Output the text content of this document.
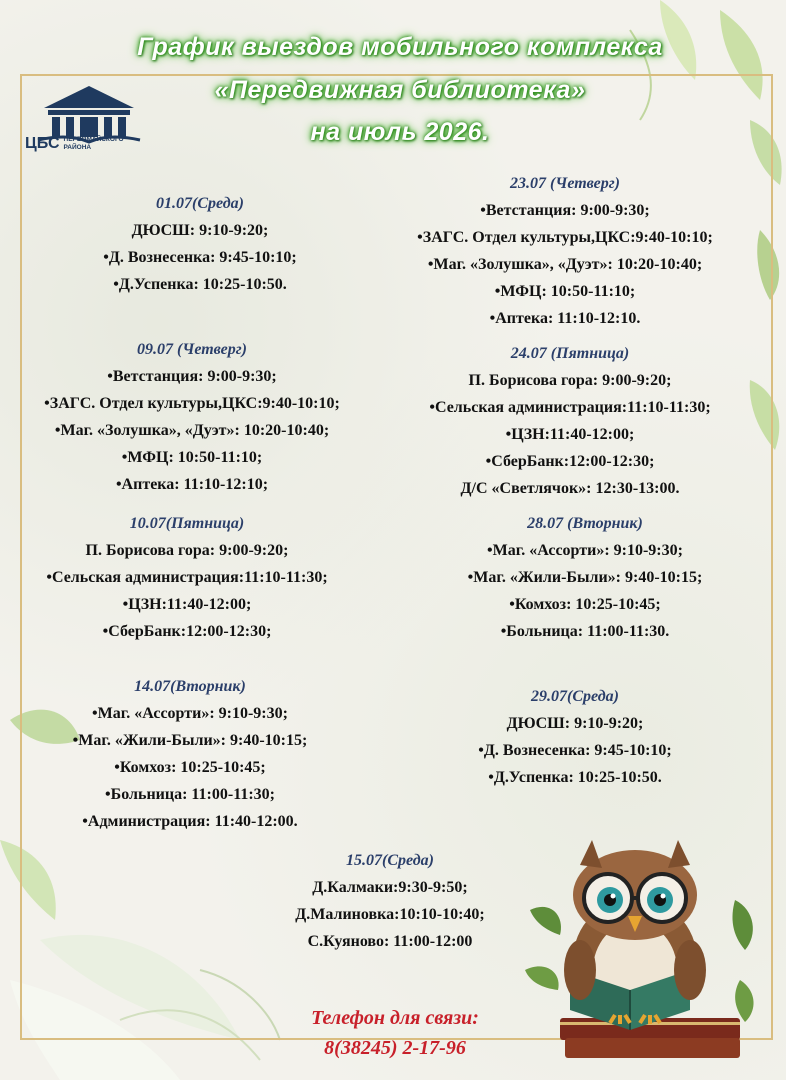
График выездов мобильного комплекса
«Передвижная библиотека»
на июль 2026.
ЦБС ПЕРВОМАЙСКОГО
РАЙОНА
01.07(Среда)
ДЮСШ: 9:10-9:20;
•Д. Вознесенка: 9:45-10:10;
•Д.Успенка: 10:25-10:50.
09.07 (Четверг)
•Ветстанция: 9:00-9:30;
•ЗАГС. Отдел культуры,ЦКС:9:40-10:10;
•Маг. «Золушка», «Дуэт»: 10:20-10:40;
•МФЦ: 10:50-11:10;
•Аптека: 11:10-12:10;
10.07(Пятница)
П. Борисова гора: 9:00-9:20;
•Сельская администрация:11:10-11:30;
•ЦЗН:11:40-12:00;
•СберБанк:12:00-12:30;
14.07(Вторник)
•Маг. «Ассорти»: 9:10-9:30;
•Маг. «Жили-Были»: 9:40-10:15;
•Комхоз: 10:25-10:45;
•Больница: 11:00-11:30;
•Администрация: 11:40-12:00.
23.07 (Четверг)
•Ветстанция: 9:00-9:30;
•ЗАГС. Отдел культуры,ЦКС:9:40-10:10;
•Маг. «Золушка», «Дуэт»: 10:20-10:40;
•МФЦ: 10:50-11:10;
•Аптека: 11:10-12:10.
24.07 (Пятница)
П. Борисова гора: 9:00-9:20;
•Сельская администрация:11:10-11:30;
•ЦЗН:11:40-12:00;
•СберБанк:12:00-12:30;
Д/С «Светлячок»: 12:30-13:00.
28.07 (Вторник)
•Маг. «Ассорти»: 9:10-9:30;
•Маг. «Жили-Были»: 9:40-10:15;
•Комхоз: 10:25-10:45;
•Больница: 11:00-11:30.
29.07(Среда)
ДЮСШ: 9:10-9:20;
•Д. Вознесенка: 9:45-10:10;
•Д.Успенка: 10:25-10:50.
15.07(Среда)
Д.Калмаки:9:30-9:50;
Д.Малиновка:10:10-10:40;
С.Куяново: 11:00-12:00
Телефон для связи:
8(38245) 2-17-96
